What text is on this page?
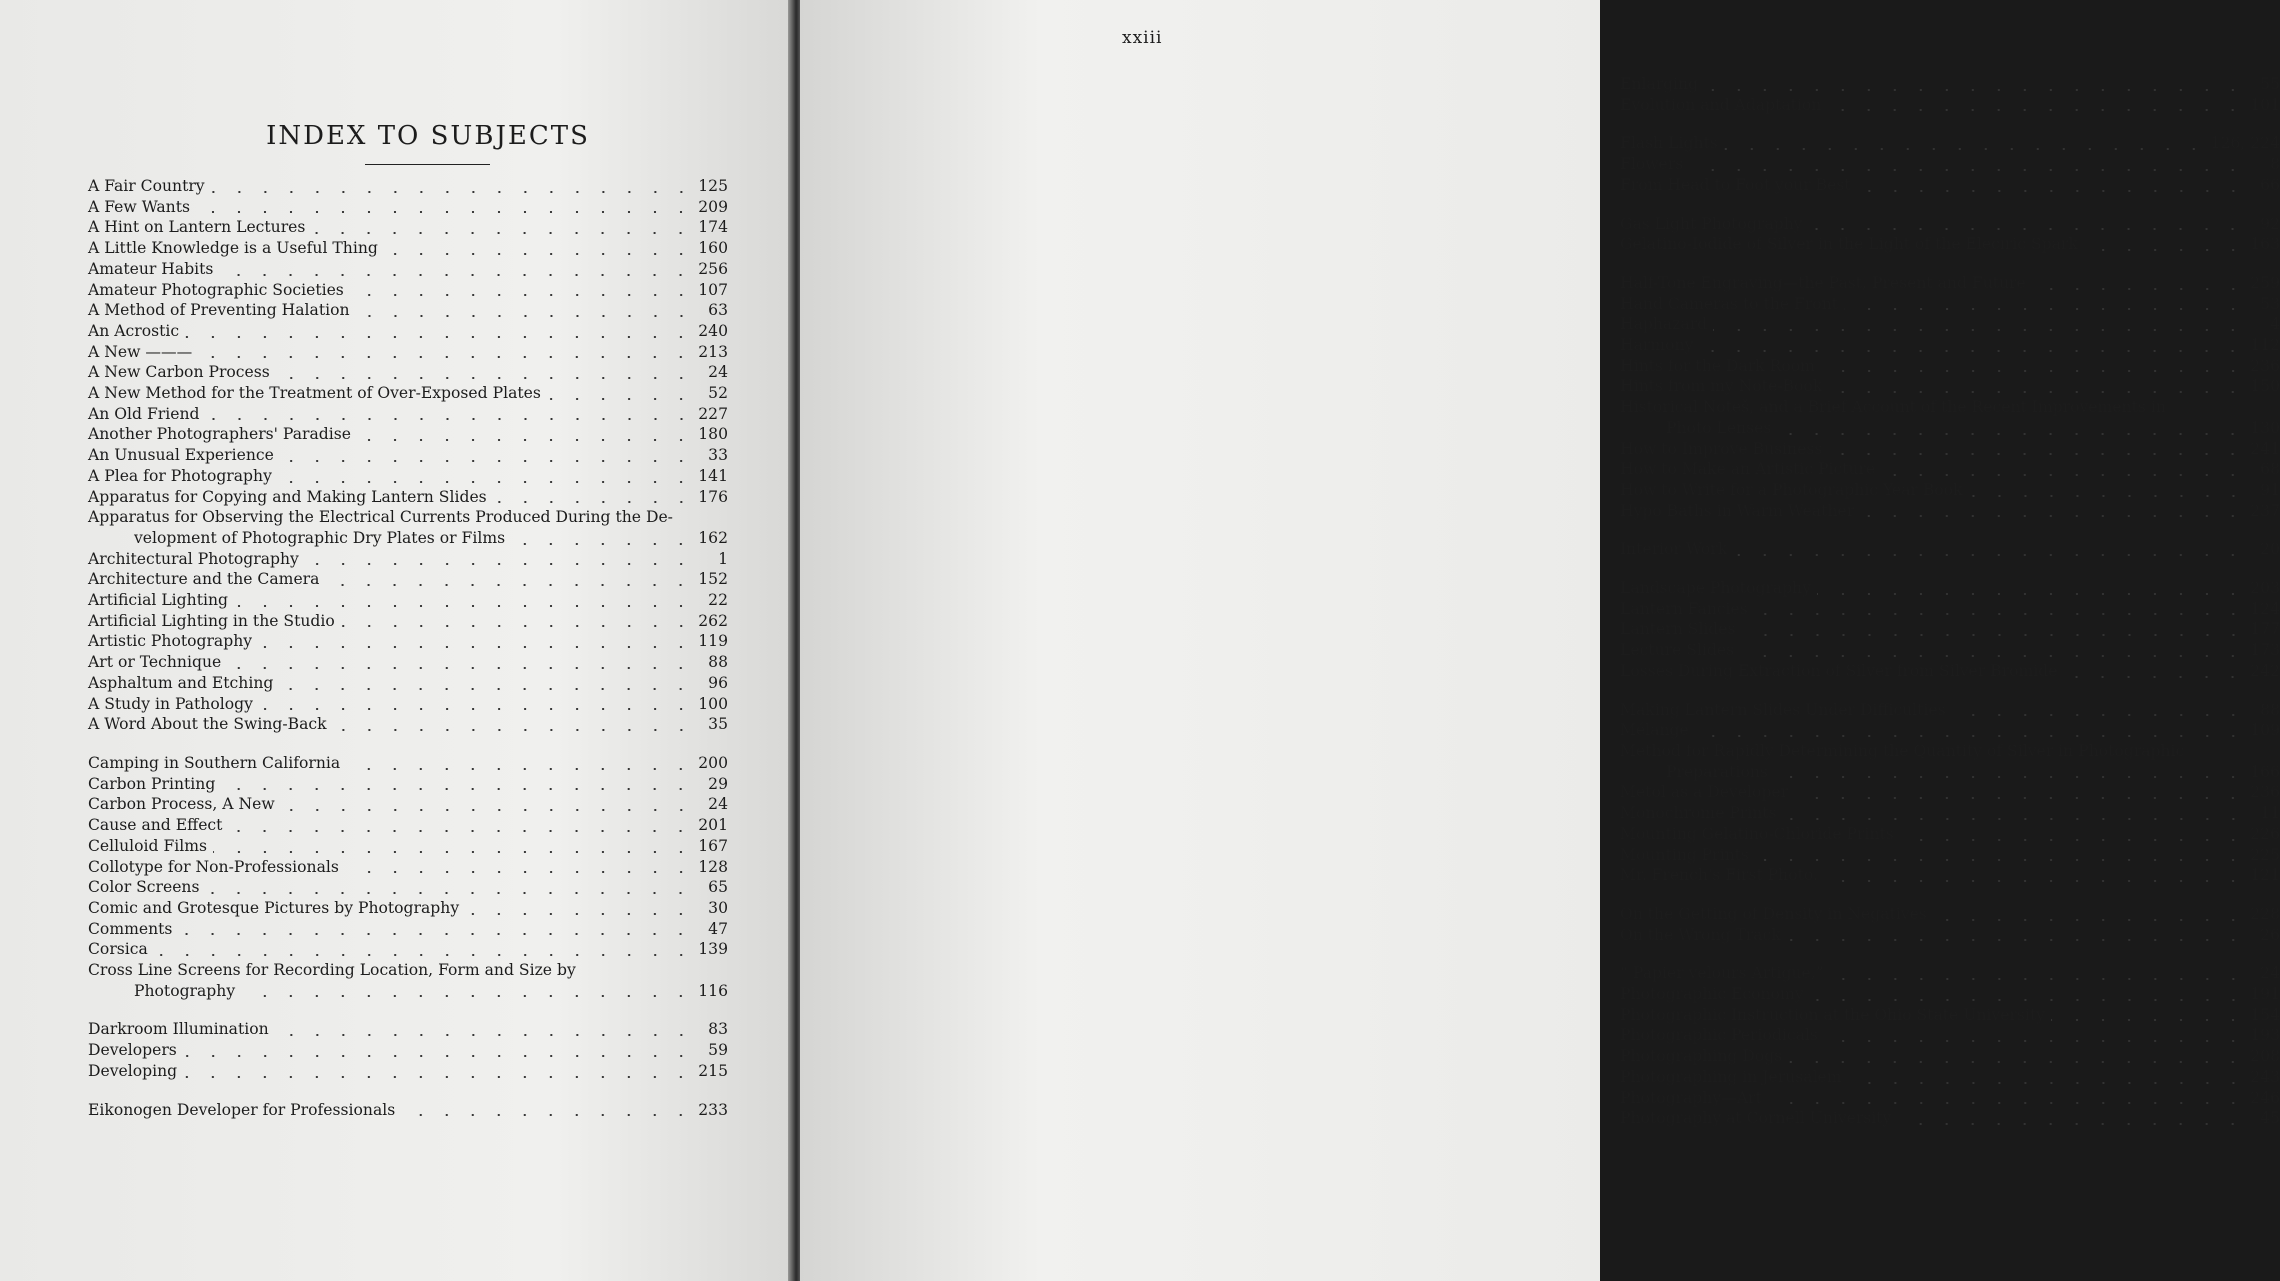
INDEX TO SUBJECTS
A Fair Country	125
A Few Wants	209
A Hint on Lantern Lectures	174
A Little Knowledge is a Useful Thing	160
Amateur Habits	256
Amateur Photographic Societies	107
A Method of Preventing Halation	63
An Acrostic	240
A New ———	213
A New Carbon Process	24
A New Method for the Treatment of Over-Exposed Plates	52
An Old Friend	227
Another Photographers' Paradise	180
An Unusual Experience	33
A Plea for Photography	141
Apparatus for Copying and Making Lantern Slides	176
Apparatus for Observing the Electrical Currents Produced During the De-
velopment of Photographic Dry Plates or Films	162
Architectural Photography	1
Architecture and the Camera	152
Artificial Lighting	22
Artificial Lighting in the Studio	262
Artistic Photography	119
Art or Technique	88
Asphaltum and Etching	96
A Study in Pathology	100
A Word About the Swing-Back	35
Camping in Southern California	200
Carbon Printing	29
Carbon Process, A New	24
Cause and Effect	201
Celluloid Films	167
Collotype for Non-Professionals	128
Color Screens	65
Comic and Grotesque Pictures by Photography	30
Comments	47
Corsica	139
Cross Line Screens for Recording Location, Form and Size by
Photography	116
Darkroom Illumination	83
Developers	59
Developing	215
Eikonogen Developer for Professionals	233
Enlarging	55
Evolution and Adaptation	101
Flash Lights	126, 224
Flowers	8
From Head to Foot your Best	66
Gas Light Photography	92
Gelatino-Iodide of Silver in the Light of the Elecıric Spark	163
Half-Tone Engraving—the Past, Present and Future	259
Hand Cameras to the Front	53
Haphazard	4
Harmony	112
Hints for the Dark Room	236
Hints from my Note-Book	150
Historical Noteš, and a Brief Account of the Recent Improvements in
Photo Lenses	130
How to Improve Business	241
How to Make an Artistic Picture	68
How to Write for a Photographic Year Book	91
Hypo Baths in Warm Weather	237
Interior Work	20
Landscape Photography	203
Lantern Fancies	124
Lantern Slides	177
Lecture Slides	173
Losses During Extraction of Silver from Silver Bromide	242
Making Lantern Slides Under Difficulties	88
Mélange	109
Method for Rapidly Determining the Quantity of Silver in Photographic
Preparations	166
Metol as a Developer	236
Monochrome Prints	11
Mounting Gelatino-Chloride Prints	226
Mounting Prints	225
Mr. French's First Photo.	121
On the Getting of Density in Negatives	228
On the Wrong Track	26
“ Papier velours Artigue,”	24
Photographic Economy	191
Photographic Instruction at the Ohio State University	154
Photographic Periodicals	193
Photographing Dogs	208
Photographing in Jerusalem	243
Photography—Art	246
Photography at Cornell University	45
xxiii
